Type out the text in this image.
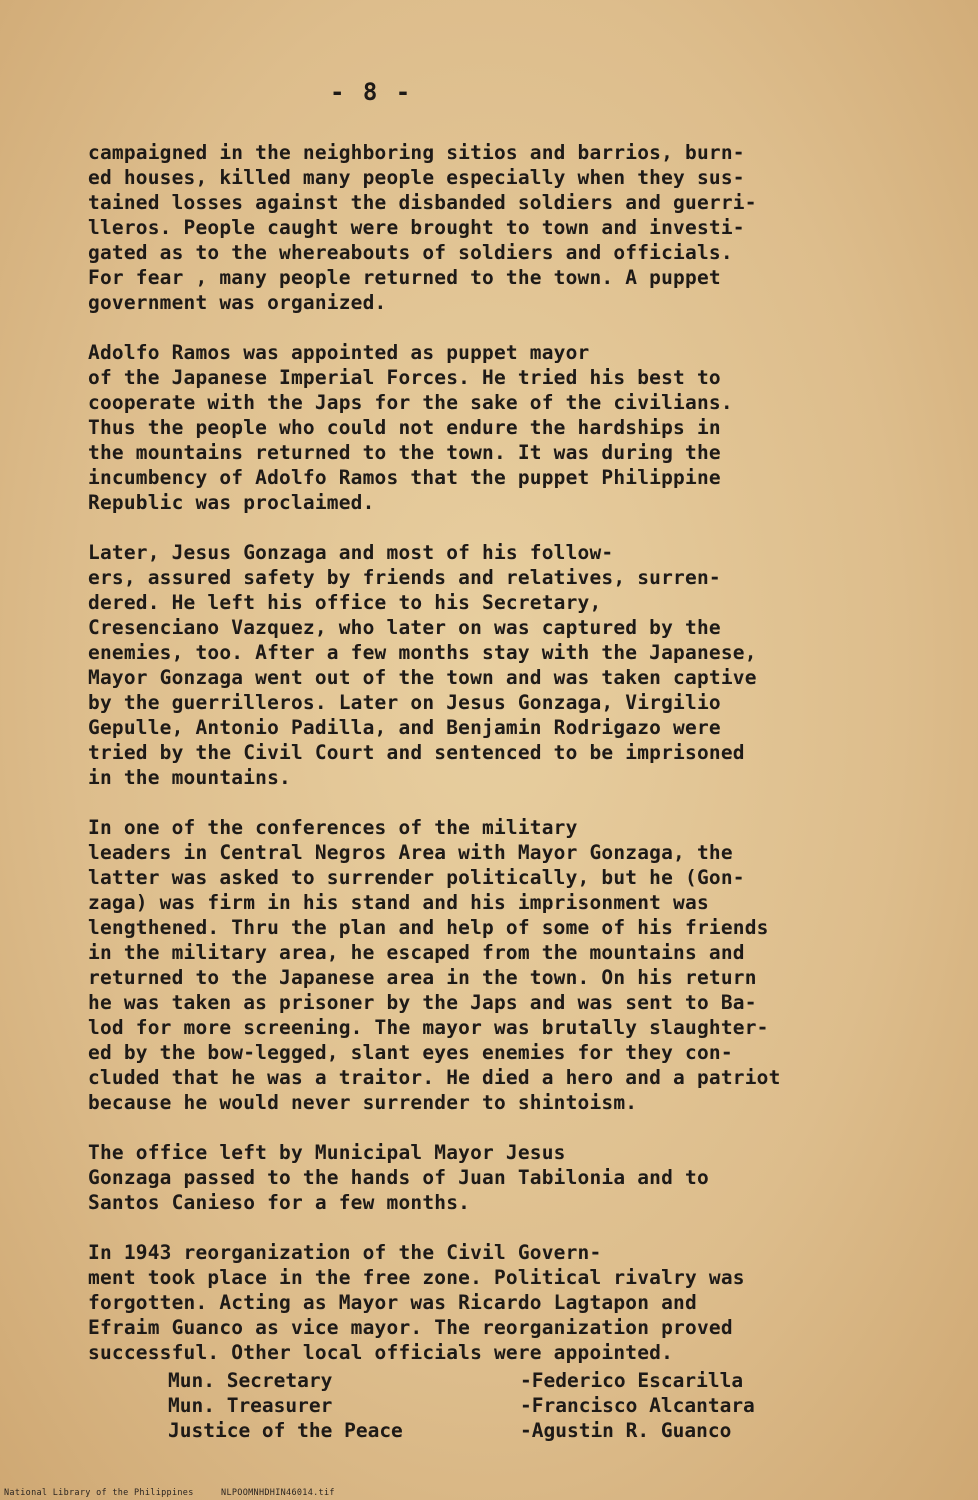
- 8 -

campaigned in the neighboring sitios and barrios, burn-
ed houses, killed many people especially when they sus-
tained losses against the disbanded soldiers and guerri-
lleros. People caught were brought to town and investi-
gated as to the whereabouts of soldiers and officials.
For fear , many people returned to the town. A puppet
government was organized.

Adolfo Ramos was appointed as puppet mayor
of the Japanese Imperial Forces. He tried his best to
cooperate with the Japs for the sake of the civilians.
Thus the people who could not endure the hardships in
the mountains returned to the town. It was during the
incumbency of Adolfo Ramos that the puppet Philippine
Republic was proclaimed.

Later, Jesus Gonzaga and most of his follow-
ers, assured safety by friends and relatives, surren-
dered. He left his office to his Secretary,
Cresenciano Vazquez, who later on was captured by the
enemies, too. After a few months stay with the Japanese,
Mayor Gonzaga went out of the town and was taken captive
by the guerrilleros. Later on Jesus Gonzaga, Virgilio
Gepulle, Antonio Padilla, and Benjamin Rodrigazo were
tried by the Civil Court and sentenced to be imprisoned
in the mountains.

In one of the conferences of the military
leaders in Central Negros Area with Mayor Gonzaga, the
latter was asked to surrender politically, but he (Gon-
zaga) was firm in his stand and his imprisonment was
lengthened. Thru the plan and help of some of his friends
in the military area, he escaped from the mountains and
returned to the Japanese area in the town. On his return
he was taken as prisoner by the Japs and was sent to Ba-
lod for more screening. The mayor was brutally slaughter-
ed by the bow-legged, slant eyes enemies for they con-
cluded that he was a traitor. He died a hero and a patriot
because he would never surrender to shintoism.

The office left by Municipal Mayor Jesus
Gonzaga passed to the hands of Juan Tabilonia and to
Santos Canieso for a few months.

In 1943 reorganization of the Civil Govern-
ment took place in the free zone. Political rivalry was
forgotten. Acting as Mayor was Ricardo Lagtapon and
Efraim Guanco as vice mayor. The reorganization proved
successful. Other local officials were appointed.

Mun. Secretary	-Federico Escarilla
Mun. Treasurer	-Francisco Alcantara
Justice of the Peace	-Agustin R. Guanco
National Library of the Philippines	NLPOOMNHDHIN46014.tif
